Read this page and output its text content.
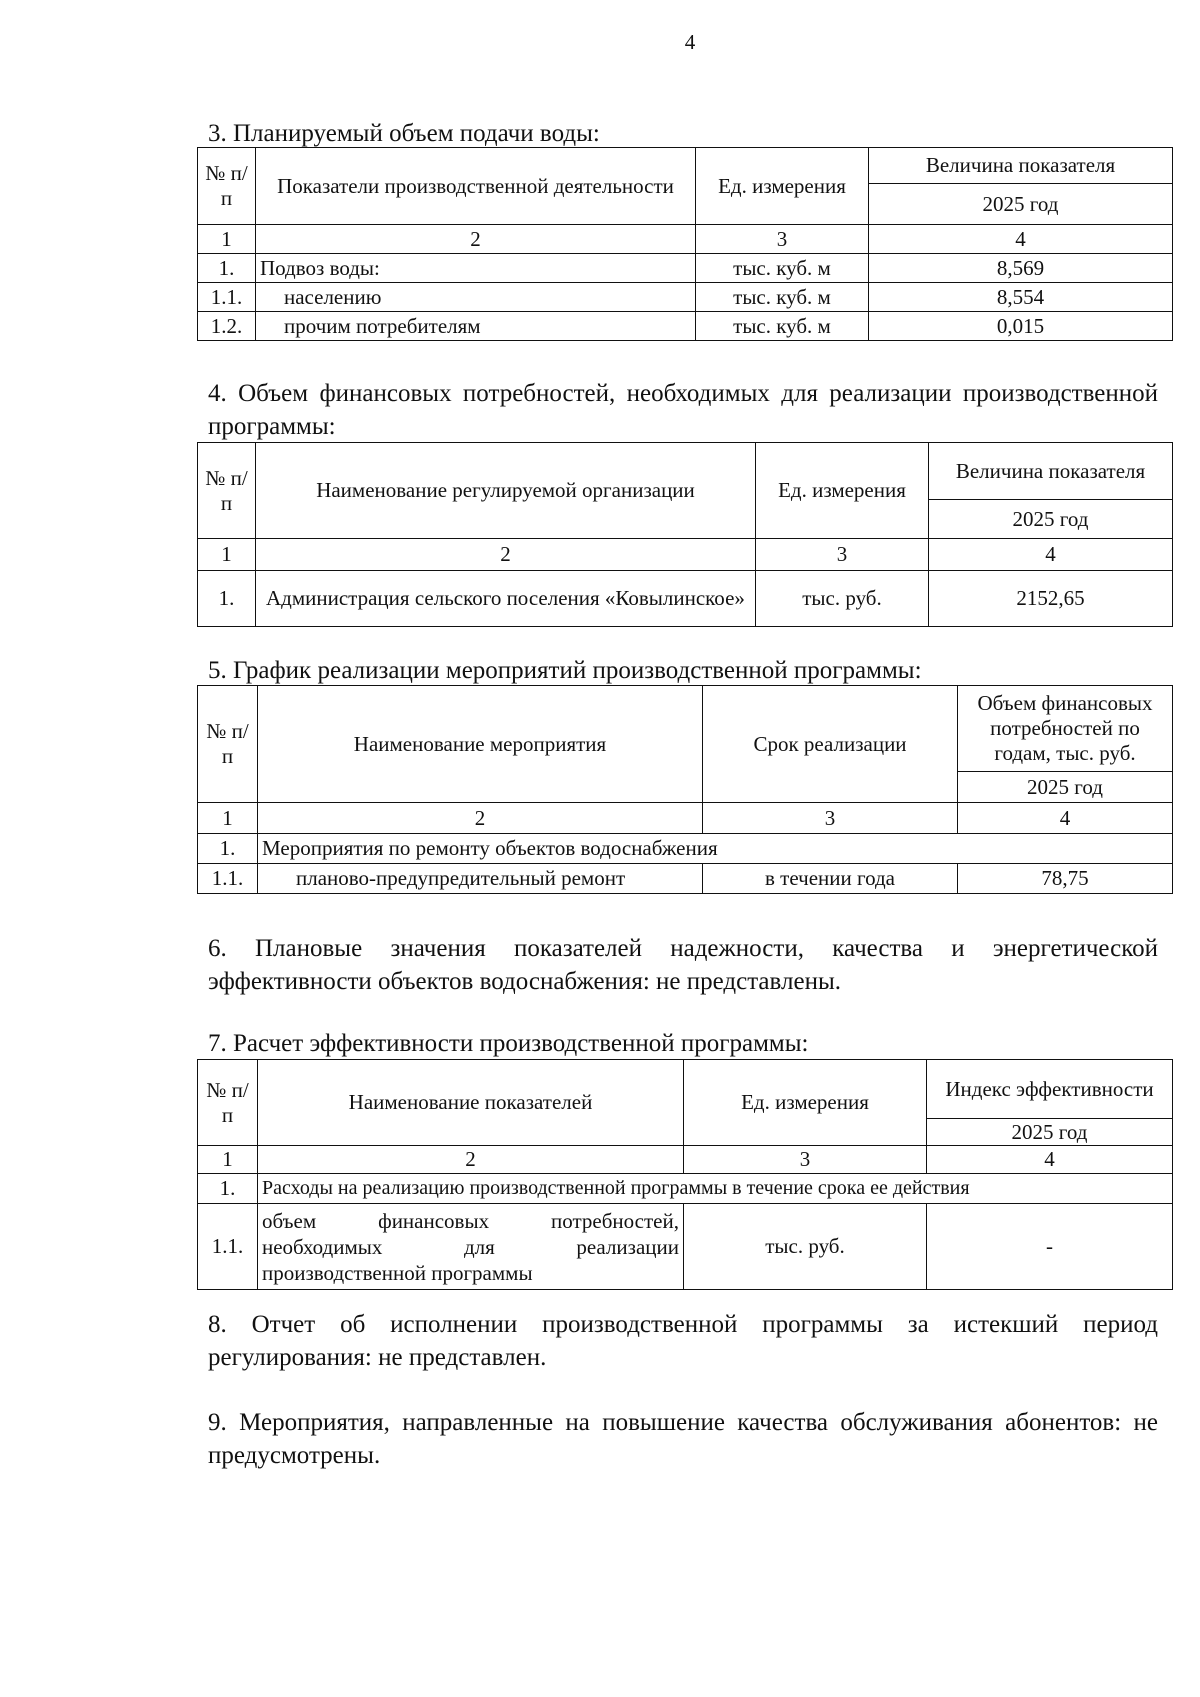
4
3. Планируемый объем подачи воды:
№ п/п	Показатели производственной деятельности	Ед. измерения	Величина показателя
			2025 год
1	2	3	4
1.	Подвоз воды:	тыс. куб. м	8,569
1.1.	населению	тыс. куб. м	8,554
1.2.	прочим потребителям	тыс. куб. м	0,015
4. Объем финансовых потребностей, необходимых для реализации производственной программы:
№ п/п	Наименование регулируемой организации	Ед. измерения	Величина показателя
			2025 год
1	2	3	4
1.	Администрация сельского поселения «Ковылинское»	тыс. руб.	2152,65
5. График реализации мероприятий производственной программы:
№ п/п	Наименование мероприятия	Срок реализации	Объем финансовых потребностей по годам, тыс. руб.
			2025 год
1	2	3	4
1.	Мероприятия по ремонту объектов водоснабжения		
1.1.	планово-предупредительный ремонт	в течении года	78,75
6. Плановые значения показателей надежности, качества и энергетической эффективности объектов водоснабжения: не представлены.
7. Расчет эффективности производственной программы:
№ п/п	Наименование показателей	Ед. измерения	Индекс эффективности
			2025 год
1	2	3	4
1.	Расходы на реализацию производственной программы в течение срока ее действия		
1.1.	объем финансовых потребностей,
необходимых для реализации
производственной программы	тыс. руб.	-
8. Отчет об исполнении производственной программы за истекший период регулирования: не представлен.
9. Мероприятия, направленные на повышение качества обслуживания абонентов: не предусмотрены.
